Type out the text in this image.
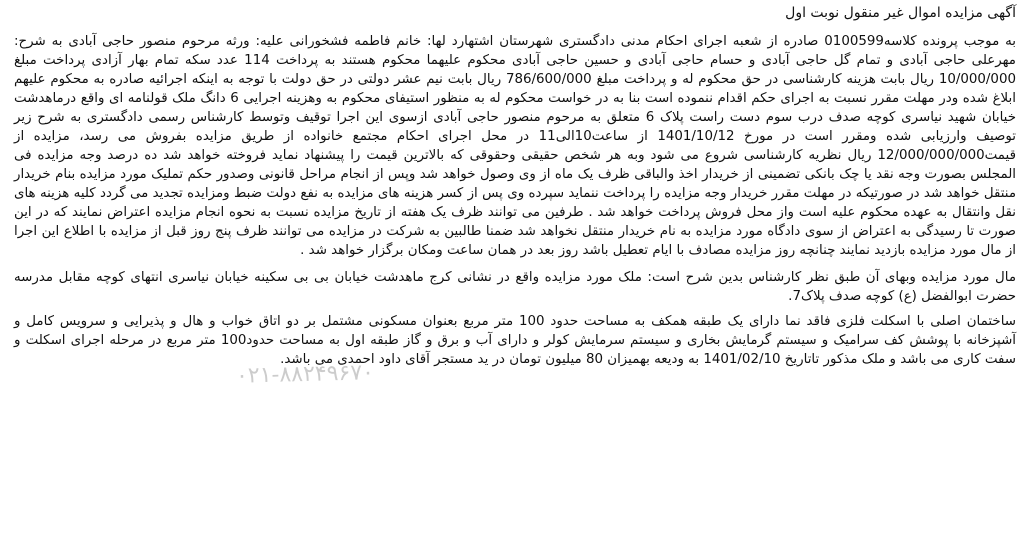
آگهی مزایده اموال غیر منقول نوبت اول

به موجب پرونده کلاسه0100599 صادره از شعبه اجرای احکام مدنی دادگستری شهرستان اشتهارد لها: خانم فاطمه فشخورانی علیه: ورثه مرحوم منصور حاجی آبادی به شرح: مهرعلی حاجی آبادی و تمام گل حاجی آبادی و حسام حاجی آبادی و حسین حاجی آبادی محکوم علیهما محکوم هستند به پرداخت 114 عدد سکه تمام بهار آزادی پرداخت مبلغ 10/000/000 ریال بابت هزینه کارشناسی در حق محکوم له و پرداخت مبلغ 786/600/000 ریال بابت نیم عشر دولتی در حق دولت با توجه به اینکه اجرائیه صادره به محکوم علیهم ابلاغ شده ودر مهلت مقرر نسبت به اجرای حکم اقدام ننموده است بنا به در خواست محکوم له به منظور استیفای محکوم به وهزینه اجرایی 6 دانگ ملک قولنامه ای واقع درماهدشت خیابان شهید نیاسری کوچه صدف درب سوم دست راست پلاک 6 متعلق به مرحوم منصور حاجی آبادی ازسوی این اجرا توقیف وتوسط کارشناس رسمی دادگستری به شرح زیر توصیف وارزیابی شده ومقرر است در مورخ 1401/10/12 از ساعت10الی11 در محل اجرای احکام مجتمع خانواده از طریق مزایده بفروش می رسد، مزایده از قیمت12/000/000/000 ریال نظریه کارشناسی شروع می شود وبه هر شخص حقیقی وحقوقی که بالاترین قیمت را پیشنهاد نماید فروخته خواهد شد ده درصد وجه مزایده فی المجلس بصورت وجه نقد یا چک بانکی تضمینی از خریدار اخذ والباقی ظرف یک ماه از وی وصول خواهد شد وپس از انجام مراحل قانونی وصدور حکم تملیک مورد مزایده بنام خریدار منتقل خواهد شد در صورتیکه در مهلت مقرر خریدار وجه مزایده را پرداخت ننماید سپرده وی پس از کسر هزینه های مزایده به نفع دولت ضبط ومزایده تجدید می گردد کلیه هزینه های نقل وانتقال به عهده محکوم علیه است واز محل فروش پرداخت خواهد شد . طرفین می توانند ظرف یک هفته از تاریخ مزایده نسبت به نحوه انجام مزایده اعتراض نمایند که در این صورت تا رسیدگی به اعتراض از سوی دادگاه مورد مزایده به نام خریدار منتقل نخواهد شد ضمنا طالبین به شرکت در مزایده می توانند ظرف پنج روز قبل از مزایده با اطلاع این اجرا از مال مورد مزایده بازدید نمایند چنانچه روز مزایده مصادف با ایام تعطیل باشد روز بعد در همان ساعت ومکان برگزار خواهد شد .

مال مورد مزایده وبهای آن طبق نظر کارشناس بدین شرح است: ملک مورد مزایده واقع در نشانی کرج ماهدشت خیابان بی بی سکینه خیابان نیاسری انتهای کوچه مقابل مدرسه حضرت ابوالفضل (ع) کوچه صدف پلاک7.

ساختمان اصلی با اسکلت فلزی فاقد نما دارای یک طبقه همکف به مساحت حدود 100 متر مربع بعنوان مسکونی مشتمل بر دو اتاق خواب و هال و پذیرایی و سرویس کامل و آشپزخانه با پوشش کف سرامیک و سیستم گرمایش بخاری و سیستم سرمایش کولر و دارای آب و برق و گاز طبقه اول به مساحت حدود100 متر مربع در مرحله اجرای اسکلت و سفت کاری می باشد و ملک مذکور تاتاریخ 1401/02/10 به ودیعه بهمیزان 80 میلیون تومان در ید مستجر آقای داود احمدی می باشد.

۰۲۱-۸۸۲۴۹۶۷۰
